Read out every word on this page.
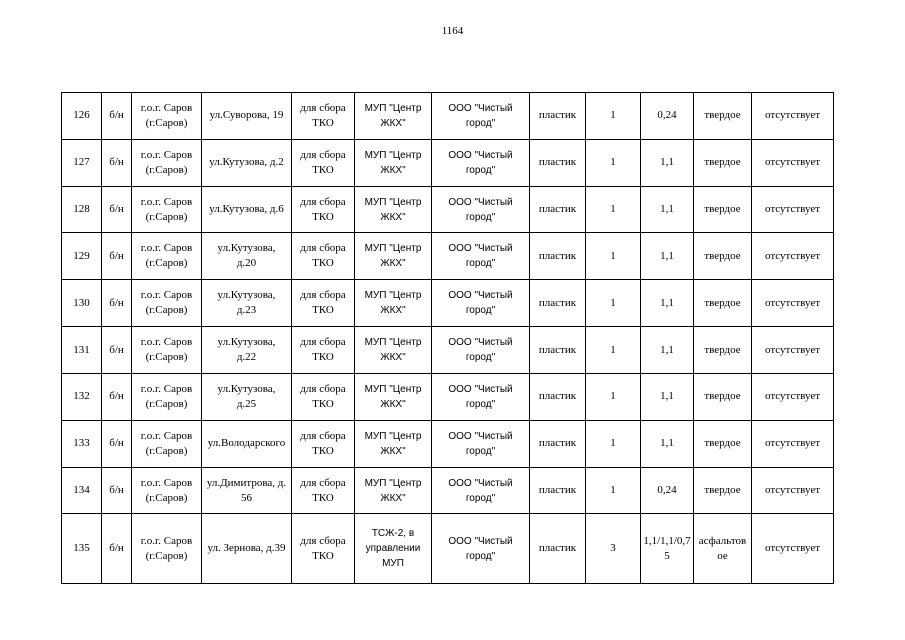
1164
126	б/н	г.о.г. Саров
(г.Саров)	ул.Суворова, 19	для сбора
ТКО	МУП "Центр
ЖКХ"	ООО "Чистый
город"	пластик	1	0,24	твердое	отсутствует
127	б/н	г.о.г. Саров
(г.Саров)	ул.Кутузова, д.2	для сбора
ТКО	МУП "Центр
ЖКХ"	ООО "Чистый
город"	пластик	1	1,1	твердое	отсутствует
128	б/н	г.о.г. Саров
(г.Саров)	ул.Кутузова, д.6	для сбора
ТКО	МУП "Центр
ЖКХ"	ООО "Чистый
город"	пластик	1	1,1	твердое	отсутствует
129	б/н	г.о.г. Саров
(г.Саров)	ул.Кутузова,
д.20	для сбора
ТКО	МУП "Центр
ЖКХ"	ООО "Чистый
город"	пластик	1	1,1	твердое	отсутствует
130	б/н	г.о.г. Саров
(г.Саров)	ул.Кутузова,
д.23	для сбора
ТКО	МУП "Центр
ЖКХ"	ООО "Чистый
город"	пластик	1	1,1	твердое	отсутствует
131	б/н	г.о.г. Саров
(г.Саров)	ул.Кутузова,
д.22	для сбора
ТКО	МУП "Центр
ЖКХ"	ООО "Чистый
город"	пластик	1	1,1	твердое	отсутствует
132	б/н	г.о.г. Саров
(г.Саров)	ул.Кутузова,
д.25	для сбора
ТКО	МУП "Центр
ЖКХ"	ООО "Чистый
город"	пластик	1	1,1	твердое	отсутствует
133	б/н	г.о.г. Саров
(г.Саров)	ул.Володарского	для сбора
ТКО	МУП "Центр
ЖКХ"	ООО "Чистый
город"	пластик	1	1,1	твердое	отсутствует
134	б/н	г.о.г. Саров
(г.Саров)	ул.Димитрова, д.
56	для сбора
ТКО	МУП "Центр
ЖКХ"	ООО "Чистый
город"	пластик	1	0,24	твердое	отсутствует
135	б/н	г.о.г. Саров
(г.Саров)	ул. Зернова, д.39	для сбора
ТКО	ТСЖ-2, в
управлении
МУП	ООО "Чистый
город"	пластик	3	1,1/1,1/0,7
5	асфальтов
ое	отсутствует
